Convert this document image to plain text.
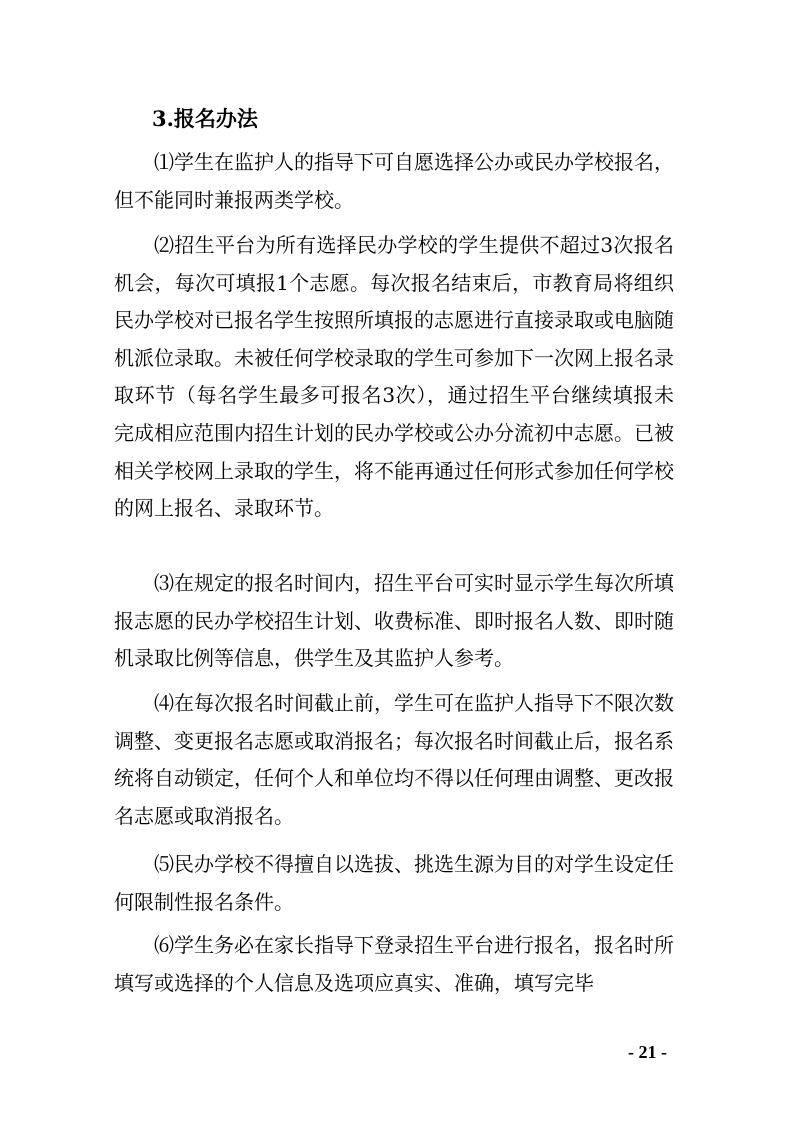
3.报名办法

⑴学生在监护人的指导下可自愿选择公办或民办学校报名，但不能同时兼报两类学校。

⑵招生平台为所有选择民办学校的学生提供不超过3次报名机会，每次可填报1个志愿。每次报名结束后，市教育局将组织民办学校对已报名学生按照所填报的志愿进行直接录取或电脑随机派位录取。未被任何学校录取的学生可参加下一次网上报名录取环节（每名学生最多可报名3次），通过招生平台继续填报未完成相应范围内招生计划的民办学校或公办分流初中志愿。已被相关学校网上录取的学生，将不能再通过任何形式参加任何学校的网上报名、录取环节。

⑶在规定的报名时间内，招生平台可实时显示学生每次所填报志愿的民办学校招生计划、收费标准、即时报名人数、即时随机录取比例等信息，供学生及其监护人参考。

⑷在每次报名时间截止前，学生可在监护人指导下不限次数调整、变更报名志愿或取消报名；每次报名时间截止后，报名系统将自动锁定，任何个人和单位均不得以任何理由调整、更改报名志愿或取消报名。

⑸民办学校不得擅自以选拔、挑选生源为目的对学生设定任何限制性报名条件。

⑹学生务必在家长指导下登录招生平台进行报名，报名时所填写或选择的个人信息及选项应真实、准确，填写完毕

- 21 -
